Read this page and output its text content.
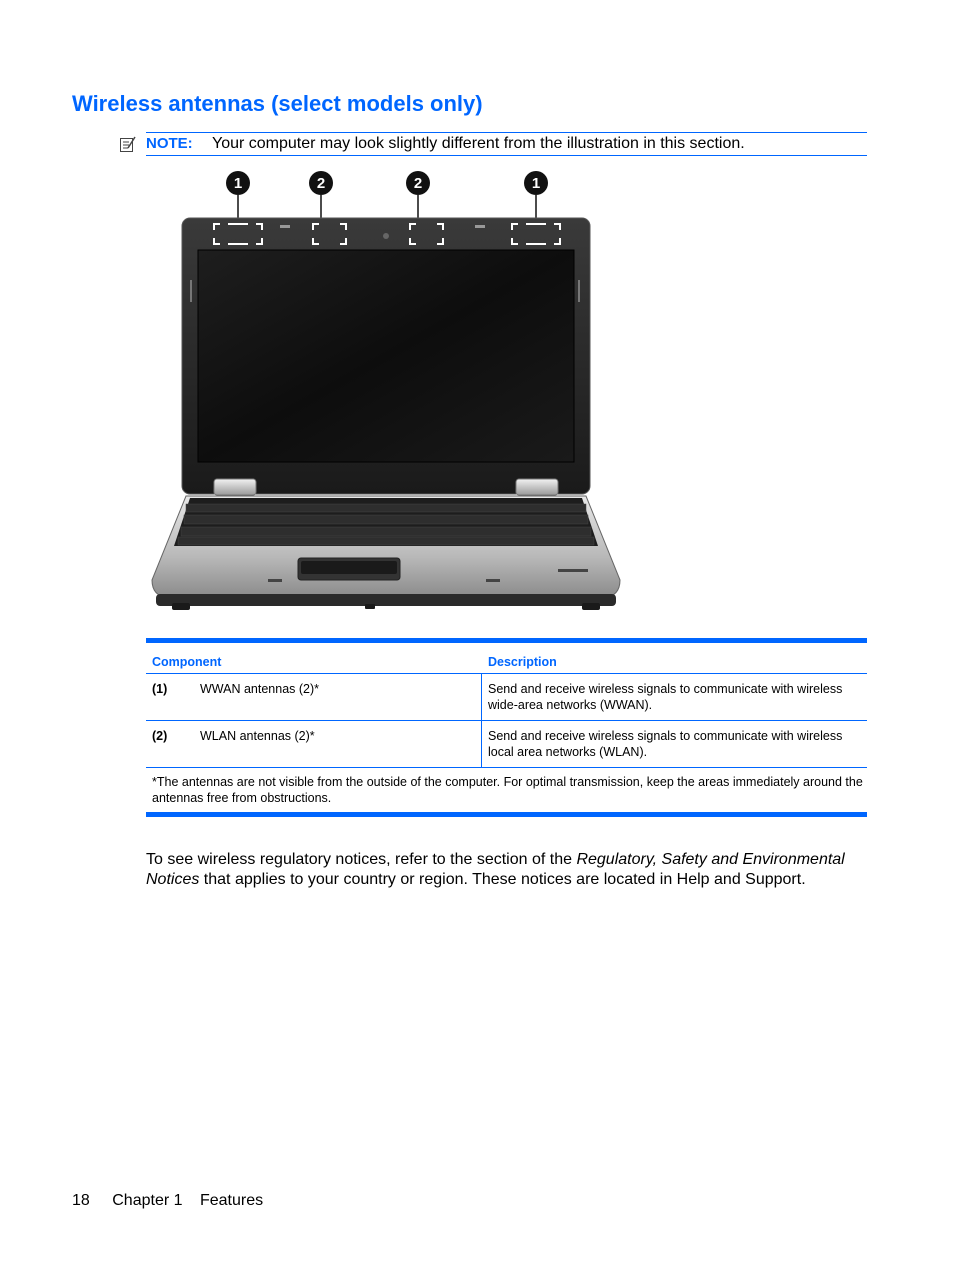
Wireless antennas (select models only)
NOTE: Your computer may look slightly different from the illustration in this section.
1	2	2	1
Component	Description
(1)	WWAN antennas (2)*	Send and receive wireless signals to communicate with wireless wide-area networks (WWAN).
(2)	WLAN antennas (2)*	Send and receive wireless signals to communicate with wireless local area networks (WLAN).
*The antennas are not visible from the outside of the computer. For optimal transmission, keep the areas immediately around the antennas free from obstructions.

To see wireless regulatory notices, refer to the section of the Regulatory, Safety and Environmental Notices that applies to your country or region. These notices are located in Help and Support.

18 Chapter 1 Features
